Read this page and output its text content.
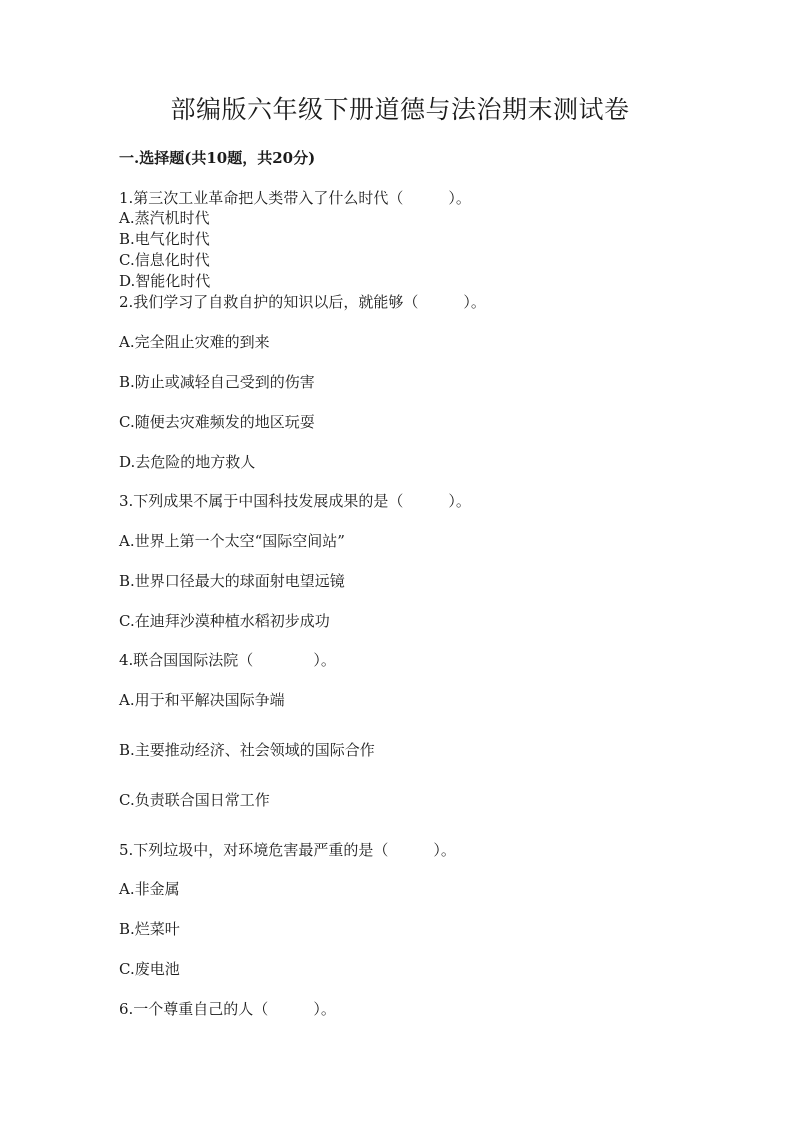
部编版六年级下册道德与法治期末测试卷
一.选择题(共10题，共20分)
1.第三次工业革命把人类带入了什么时代（　　　）。
A.蒸汽机时代
B.电气化时代
C.信息化时代
D.智能化时代
2.我们学习了自救自护的知识以后，就能够（　　　）。
A.完全阻止灾难的到来
B.防止或减轻自己受到的伤害
C.随便去灾难频发的地区玩耍
D.去危险的地方救人
3.下列成果不属于中国科技发展成果的是（　　　）。
A.世界上第一个太空“国际空间站”
B.世界口径最大的球面射电望远镜
C.在迪拜沙漠种植水稻初步成功
4.联合国国际法院（　　　　）。
A.用于和平解决国际争端
B.主要推动经济、社会领域的国际合作
C.负责联合国日常工作
5.下列垃圾中，对环境危害最严重的是（　　　）。
A.非金属
B.烂菜叶
C.废电池
6.一个尊重自己的人（　　　）。
